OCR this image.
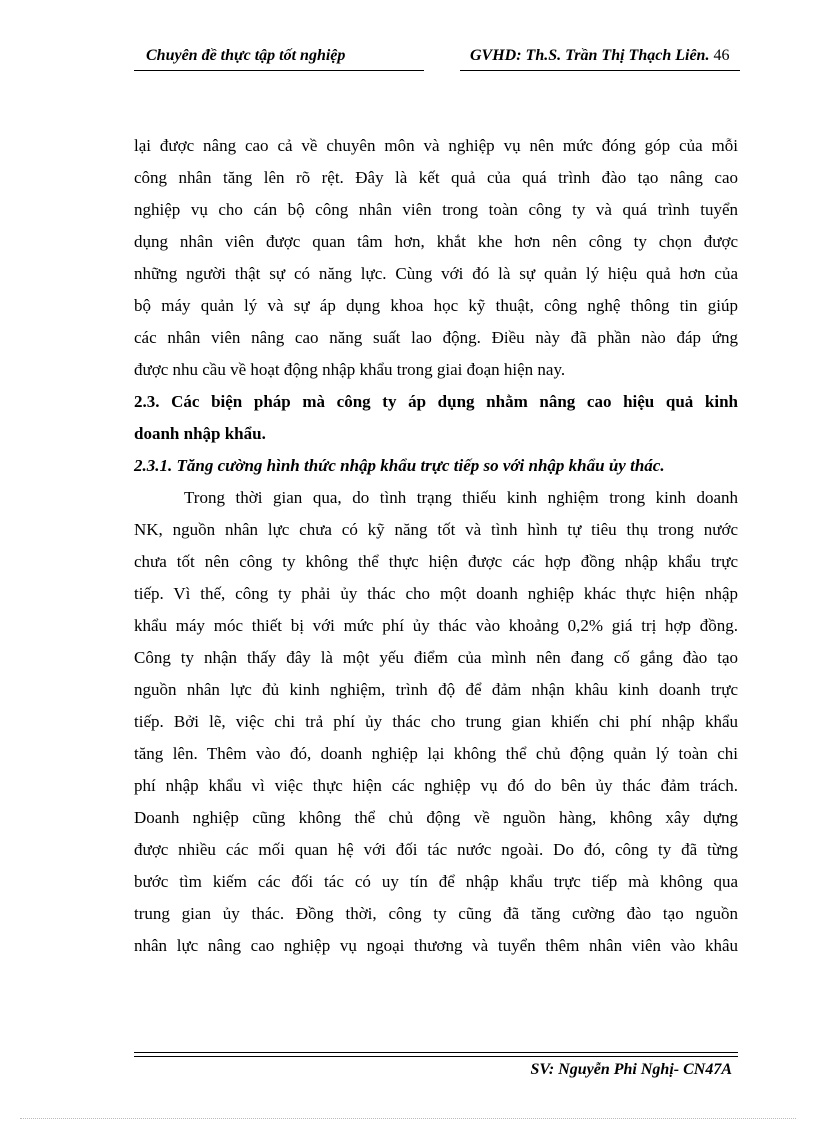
Chuyên đề thực tập tốt nghiệp	GVHD: Th.S. Trần Thị Thạch Liên. 46
lại được nâng cao cả về chuyên môn và nghiệp vụ nên mức đóng góp của mỗi
công nhân tăng lên rõ rệt. Đây là kết quả của quá trình đào tạo nâng cao
nghiệp vụ cho cán bộ công nhân viên trong toàn công ty và quá trình tuyển
dụng nhân viên được quan tâm hơn, khắt khe hơn nên công ty chọn được
những người thật sự có năng lực. Cùng với đó là sự quản lý hiệu quả hơn của
bộ máy quản lý và sự áp dụng khoa học kỹ thuật, công nghệ thông tin giúp
các nhân viên nâng cao năng suất lao động. Điều này đã phần nào đáp ứng
được nhu cầu về hoạt động nhập khẩu trong giai đoạn hiện nay.
2.3. Các biện pháp mà công ty áp dụng nhằm nâng cao hiệu quả kinh
doanh nhập khẩu.
2.3.1. Tăng cường hình thức nhập khẩu trực tiếp so với nhập khẩu ủy thác.
Trong thời gian qua, do tình trạng thiếu kinh nghiệm trong kinh doanh
NK, nguồn nhân lực chưa có kỹ năng tốt và tình hình tự tiêu thụ trong nước
chưa tốt nên công ty không thể thực hiện được các hợp đồng nhập khẩu trực
tiếp. Vì thế, công ty phải ủy thác cho một doanh nghiệp khác thực hiện nhập
khẩu máy móc thiết bị với mức phí ủy thác vào khoảng 0,2% giá trị hợp đồng.
Công ty nhận thấy đây là một yếu điểm của mình nên đang cố gắng đào tạo
nguồn nhân lực đủ kinh nghiệm, trình độ để đảm nhận khâu kinh doanh trực
tiếp. Bởi lẽ, việc chi trả phí ủy thác cho trung gian khiến chi phí nhập khẩu
tăng lên. Thêm vào đó, doanh nghiệp lại không thể chủ động quản lý toàn chi
phí nhập khẩu vì việc thực hiện các nghiệp vụ đó do bên ủy thác đảm trách.
Doanh nghiệp cũng không thể chủ động về nguồn hàng, không xây dựng
được nhiều các mối quan hệ với đối tác nước ngoài. Do đó, công ty đã từng
bước tìm kiếm các đối tác có uy tín để nhập khẩu trực tiếp mà không qua
trung gian ủy thác. Đồng thời, công ty cũng đã tăng cường đào tạo nguồn
nhân lực nâng cao nghiệp vụ ngoại thương và tuyển thêm nhân viên vào khâu
SV: Nguyễn Phi Nghị- CN47A
